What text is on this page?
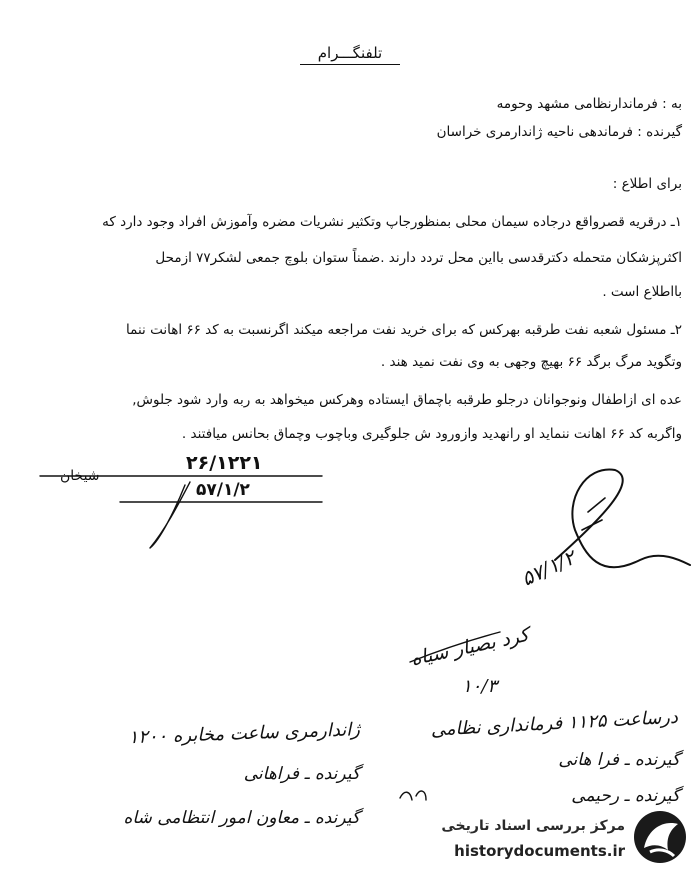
تلفنگـــرام
به : فرماندارنظامی مشهد وحومه
گیرنده : فرماندهی ناحیه ژاندارمری خراسان
برای اطلاع :
۱ـ درقریه قصرواقع درجاده سیمان محلی بمنظورجاپ وتکثیر نشریات مضره وآموزش افراد وجود دارد که
اکثرپزشکان متحمله دکترقدسی بااین محل تردد دارند .ضمناً ستوان بلوچ جمعی لشکر۷۷ ازمحل
بااطلاع است .
۲ـ مسئول شعبه نفت طرقبه بهرکس که برای خرید نفت مراجعه میکند اگرنسبت به کد ۶۶ اهانت ننما
وتگوید مرگ برگد ۶۶ بهیچ وجهی به وی نفت نمید هند .
عده ای ازاطفال ونوجوانان درجلو طرقبه باچماق ایستاده وهرکس میخواهد به ربه وارد شود جلوش,
واگربه کد ۶۶ اهانت ننماید او رانهدید وازورود ش جلوگیری وباچوب وچماق بحانس میافتند .
۲۶/۱۲۲۱
شیخان
۵۷/۱/۲
۵۷/۱/۲
کرد بصیار سیاه
۱۰/۳
درساعت ۱۱۲۵ فرمانداری نظامی
گیرنده ـ فرا هانی
گیرنده ـ رحیمی
ژاندارمری ساعت مخابره ۱۲۰۰
گیرنده ـ فراهانی
گیرنده ـ معاون امور انتظامی شاه	مرکز بررسی اسناد تاریخی
historydocuments.ir
